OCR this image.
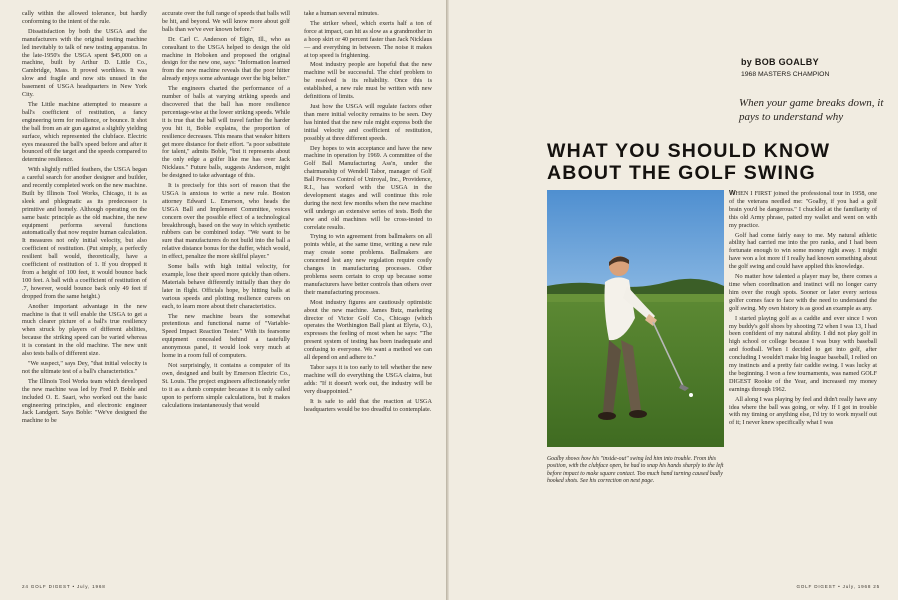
cally within the allowed tolerance, but hardly conforming to the intent of the rule.

Dissatisfaction by both the USGA and the manufacturers with the original testing machine led inevitably to talk of new testing apparatus. In the late-1950's the USGA spent $45,000 on a machine, built by Arthur D. Little Co., Cambridge, Mass. It proved worthless. It was slow and fragile and now sits unused in the basement of USGA headquarters in New York City.

The Little machine attempted to measure a ball's coefficient of restitution, a fancy engineering term for resilience, or bounce. It shot the ball from an air gun against a slightly yielding surface, which represented the clubface. Electric eyes measured the ball's speed before and after it bounced off the target and the speeds compared to determine resilience.

With slightly ruffled feathers, the USGA began a careful search for another designer and builder, and recently completed work on the new machine. Built by Illinois Tool Works, Chicago, it is as sleek and phlegmatic as its predecessor is primitive and homely. Although operating on the same basic principle as the old machine, the new equipment performs several functions automatically that now require human calculation. It measures not only initial velocity, but also coefficient of restitution. (Put simply, a perfectly resilient ball would, theoretically, have a coefficient of restitution of 1. If you dropped it from a height of 100 feet, it would bounce back 100 feet. A ball with a coefficient of restitution of .7, however, would bounce back only 49 feet if dropped from the same height.)

Another important advantage in the new machine is that it will enable the USGA to get a much clearer picture of a ball's true resiliency when struck by players of different abilities, because the striking speed can be varied whereas it is constant in the old machine. The new unit also tests balls of different size.

"We suspect," says Dey, "that initial velocity is not the ultimate test of a ball's characteristics."

The Illinois Tool Works team which developed the new machine was led by Fred P. Boble and included O. E. Saari, who worked out the basic engineering principles, and electronic engineer Jack Landgert. Says Boble: "We've designed the machine to be

accurate over the full range of speeds that balls will be hit, and beyond. We will know more about golf balls than we've ever known before."

Dr. Carl C. Anderson of Elgin, Ill., who as consultant to the USGA helped to design the old machine in Hoboken and proposed the original design for the new one, says: "Information learned from the new machine reveals that the poor hitter already enjoys some advantage over the big belter."

The engineers charted the performance of a number of balls at varying striking speeds and discovered that the ball has more resilience percentage-wise at the lower striking speeds. While it is true that the ball will travel farther the harder you hit it, Boble explains, the proportion of resilience decreases. This means that weaker hitters get more distance for their effort. "a poor substitute for talent," admits Boble, "but it represents about the only edge a golfer like me has over Jack Nicklaus." Future balls, suggests Anderson, might be designed to take advantage of this.

It is precisely for this sort of reason that the USGA is anxious to write a new rule. Boston attorney Edward L. Emerson, who heads the USGA Ball and Implement Committee, voices concern over the possible effect of a technological breakthrough, based on the way in which synthetic rubbers can be combined today. "We want to be sure that manufacturers do not build into the ball a relative distance bonus for the duffer, which would, in effect, penalize the more skillful player."

Some balls with high initial velocity, for example, lose their speed more quickly than others. Materials behave differently initially than they do later in flight. Officials hope, by hitting balls at various speeds and plotting resilience curves on each, to learn more about their characteristics.

The new machine bears the somewhat pretentious and functional name of "Variable-Speed Impact Reaction Tester." With its fearsome equipment concealed behind a tastefully anonymous panel, it would look very much at home in a room full of computers.

Not surprisingly, it contains a computer of its own, designed and built by Emerson Electric Co., St. Louis. The project engineers affectionately refer to it as a dumb computer because it is only called upon to perform simple calculations, but it makes calculations instantaneously that would

take a human several minutes.

The striker wheel, which exerts half a ton of force at impact, can hit as slow as a grandmother in a hoop skirt or 40 percent faster than Jack Nicklaus — and everything in between. The noise it makes at top speed is frightening.

Most industry people are hopeful that the new machine will be successful. The chief problem to be resolved is its reliability. Once this is established, a new rule must be written with new definitions of limits.

Just how the USGA will regulate factors other than mere initial velocity remains to be seen. Dey has hinted that the new rule might express both the initial velocity and coefficient of restitution, possibly at three different speeds.

Dey hopes to win acceptance and have the new machine in operation by 1969. A committee of the Golf Ball Manufacturing Ass'n, under the chairmanship of Wendell Tabor, manager of Golf Ball Process Control of Uniroyal, Inc., Providence, R.I., has worked with the USGA in the development stages and will continue this role during the next few months when the new machine will undergo an extensive series of tests. Both the new and old machines will be cross-tested to correlate results.

Trying to win agreement from ballmakers on all points while, at the same time, writing a new rule may create some problems. Ballmakers are concerned lest any new regulation require costly changes in manufacturing processes. Other problems seem certain to crop up because some manufacturers have better controls than others over their manufacturing processes.

Most industry figures are cautiously optimistic about the new machine. James Butz, marketing director of Victor Golf Co., Chicago (which operates the Worthington Ball plant at Elyria, O.), expresses the feeling of most when he says: "The present system of testing has been inadequate and confusing to everyone. We want a method we can all depend on and adhere to."

Tabor says it is too early to tell whether the new machine will do everything the USGA claims, but adds: "If it doesn't work out, the industry will be very disappointed."

It is safe to add that the reaction at USGA headquarters would be too dreadful to contemplate.

24 GOLF DIGEST • July, 1968
by BOB GOALBY
1968 MASTERS CHAMPION
When your game breaks down, it pays to understand why
WHAT YOU SHOULD KNOW
ABOUT THE GOLF SWING
Goalby shows how his "inside-out" swing led him into trouble. From this position, with the clubface open, he had to snap his hands sharply to the left before impact to make square contact. Too much hand turning caused badly hooked shots. See his correction on next page.

WHEN I FIRST joined the professional tour in 1958, one of the veterans needled me: "Goalby, if you had a golf brain you'd be dangerous." I chuckled at the familiarity of this old Army phrase, patted my wallet and went on with my practice.

Golf had come fairly easy to me. My natural athletic ability had carried me into the pro ranks, and I had been fortunate enough to win some money right away. I might have won a lot more if I really had known something about the golf swing and could have applied this knowledge.

No matter how talented a player may be, there comes a time when coordination and instinct will no longer carry him over the rough spots. Sooner or later every serious golfer comes face to face with the need to understand the golf swing. My own history is as good an example as any.

I started playing golf as a caddie and ever since I won my buddy's golf shoes by shooting 72 when I was 13, I had been confident of my natural ability. I did not play golf in high school or college because I was busy with baseball and football. When I decided to get into golf, after concluding I wouldn't make big league baseball, I relied on my instincts and a pretty fair caddie swing. I was lucky at the beginning. I won a few tournaments, was named GOLF DIGEST Rookie of the Year, and increased my money earnings through 1962.

All along I was playing by feel and didn't really have any idea where the ball was going, or why. If I got in trouble with my timing or anything else, I'd try to work myself out of it; I never knew specifically what I was

GOLF DIGEST • July, 1968 25
